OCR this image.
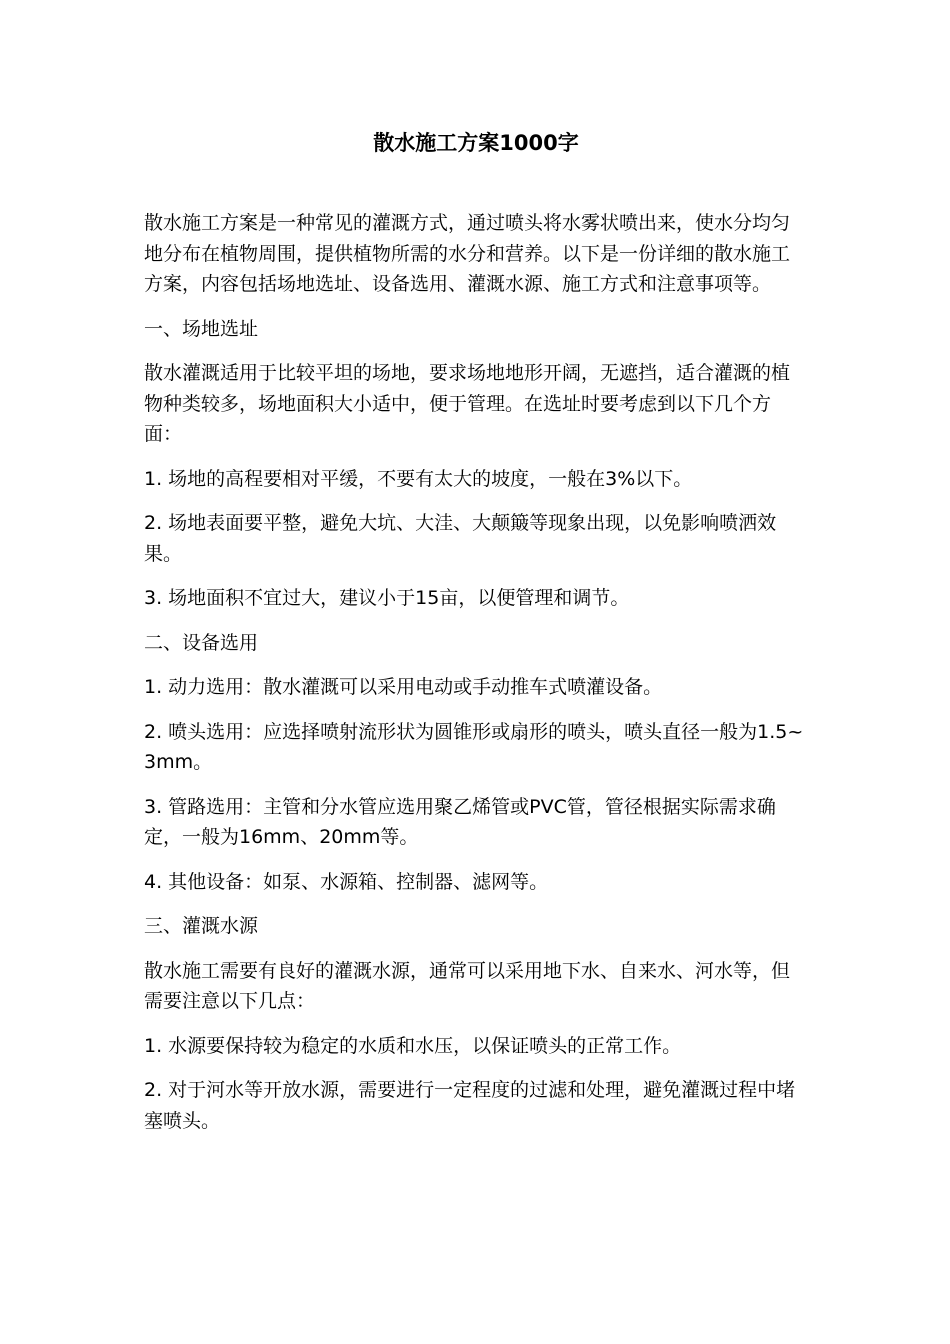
散水施工方案1000字

散水施工方案是一种常见的灌溉方式，通过喷头将水雾状喷出来，使水分均匀地分布在植物周围，提供植物所需的水分和营养。以下是一份详细的散水施工方案，内容包括场地选址、设备选用、灌溉水源、施工方式和注意事项等。

一、场地选址

散水灌溉适用于比较平坦的场地，要求场地地形开阔，无遮挡，适合灌溉的植物种类较多，场地面积大小适中，便于管理。在选址时要考虑到以下几个方面：

1. 场地的高程要相对平缓，不要有太大的坡度，一般在3%以下。

2. 场地表面要平整，避免大坑、大洼、大颠簸等现象出现，以免影响喷洒效果。

3. 场地面积不宜过大，建议小于15亩，以便管理和调节。

二、设备选用

1. 动力选用：散水灌溉可以采用电动或手动推车式喷灌设备。

2. 喷头选用：应选择喷射流形状为圆锥形或扇形的喷头，喷头直径一般为1.5~3mm。

3. 管路选用：主管和分水管应选用聚乙烯管或PVC管，管径根据实际需求确定，一般为16mm、20mm等。

4. 其他设备：如泵、水源箱、控制器、滤网等。

三、灌溉水源

散水施工需要有良好的灌溉水源，通常可以采用地下水、自来水、河水等，但需要注意以下几点：

1. 水源要保持较为稳定的水质和水压，以保证喷头的正常工作。

2. 对于河水等开放水源，需要进行一定程度的过滤和处理，避免灌溉过程中堵塞喷头。
